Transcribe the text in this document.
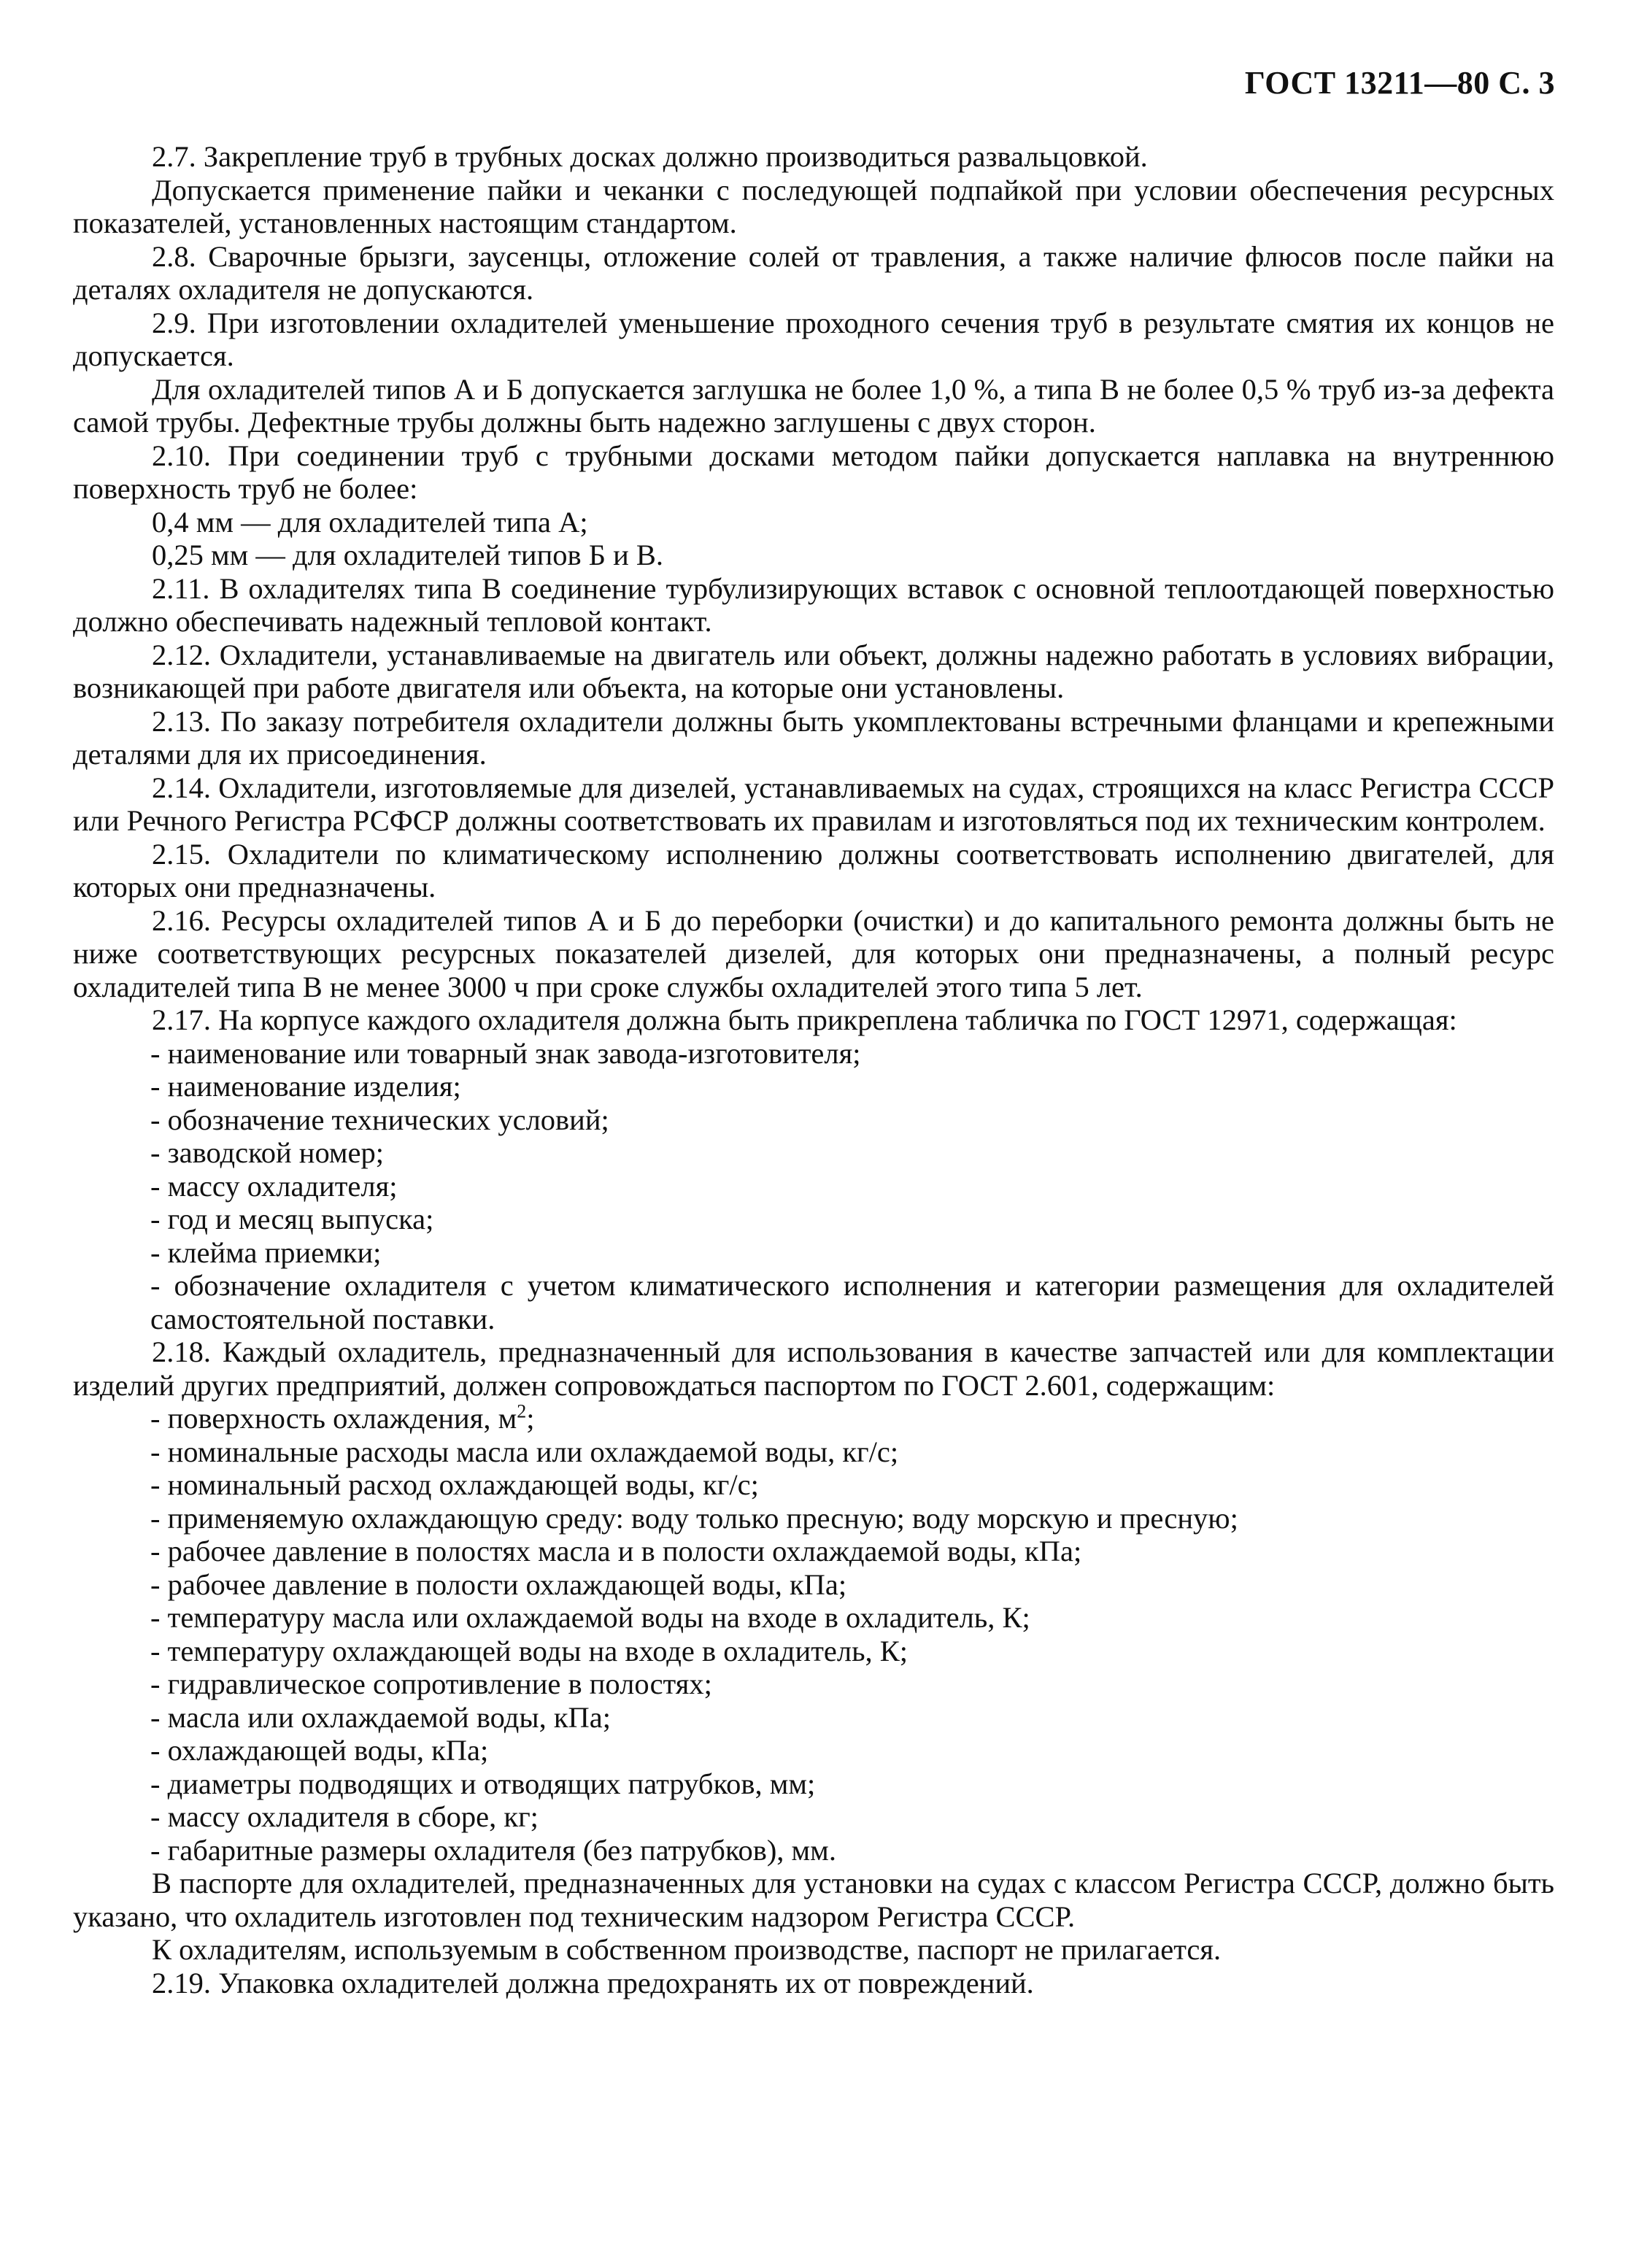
ГОСТ 13211—80 С. 3

2.7. Закрепление труб в трубных досках должно производиться развальцовкой.

Допускается применение пайки и чеканки с последующей подпайкой при условии обеспечения ресурсных показателей, установленных настоящим стандартом.

2.8. Сварочные брызги, заусенцы, отложение солей от травления, а также наличие флюсов после пайки на деталях охладителя не допускаются.

2.9. При изготовлении охладителей уменьшение проходного сечения труб в результате смятия их концов не допускается.

Для охладителей типов А и Б допускается заглушка не более 1,0 %, а типа В не более 0,5 % труб из-за дефекта самой трубы. Дефектные трубы должны быть надежно заглушены с двух сторон.

2.10. При соединении труб с трубными досками методом пайки допускается наплавка на внутреннюю поверхность труб не более:

0,4 мм — для охладителей типа А;

0,25 мм — для охладителей типов Б и В.

2.11. В охладителях типа В соединение турбулизирующих вставок с основной теплоотдающей поверхностью должно обеспечивать надежный тепловой контакт.

2.12. Охладители, устанавливаемые на двигатель или объект, должны надежно работать в условиях вибрации, возникающей при работе двигателя или объекта, на которые они установлены.

2.13. По заказу потребителя охладители должны быть укомплектованы встречными фланцами и крепежными деталями для их присоединения.

2.14. Охладители, изготовляемые для дизелей, устанавливаемых на судах, строящихся на класс Регистра СССР или Речного Регистра РСФСР должны соответствовать их правилам и изготовляться под их техническим контролем.

2.15. Охладители по климатическому исполнению должны соответствовать исполнению двигателей, для которых они предназначены.

2.16. Ресурсы охладителей типов А и Б до переборки (очистки) и до капитального ремонта должны быть не ниже соответствующих ресурсных показателей дизелей, для которых они предназначены, а полный ресурс охладителей типа В не менее 3000 ч при сроке службы охладителей этого типа 5 лет.

2.17. На корпусе каждого охладителя должна быть прикреплена табличка по ГОСТ 12971, содержащая:

- наименование или товарный знак завода-изготовителя;

- наименование изделия;

- обозначение технических условий;

- заводской номер;

- массу охладителя;

- год и месяц выпуска;

- клейма приемки;

- обозначение охладителя с учетом климатического исполнения и категории размещения для охладителей самостоятельной поставки.

2.18. Каждый охладитель, предназначенный для использования в качестве запчастей или для комплектации изделий других предприятий, должен сопровождаться паспортом по ГОСТ 2.601, содержащим:

- поверхность охлаждения, $м^2$;

- номинальные расходы масла или охлаждаемой воды, кг/с;

- номинальный расход охлаждающей воды, кг/с;

- применяемую охлаждающую среду: воду только пресную; воду морскую и пресную;

- рабочее давление в полостях масла и в полости охлаждаемой воды, кПа;

- рабочее давление в полости охлаждающей воды, кПа;

- температуру масла или охлаждаемой воды на входе в охладитель, К;

- температуру охлаждающей воды на входе в охладитель, К;

- гидравлическое сопротивление в полостях;

- масла или охлаждаемой воды, кПа;

- охлаждающей воды, кПа;

- диаметры подводящих и отводящих патрубков, мм;

- массу охладителя в сборе, кг;

- габаритные размеры охладителя (без патрубков), мм.

В паспорте для охладителей, предназначенных для установки на судах с классом Регистра СССР, должно быть указано, что охладитель изготовлен под техническим надзором Регистра СССР.

К охладителям, используемым в собственном производстве, паспорт не прилагается.

2.19. Упаковка охладителей должна предохранять их от повреждений.
